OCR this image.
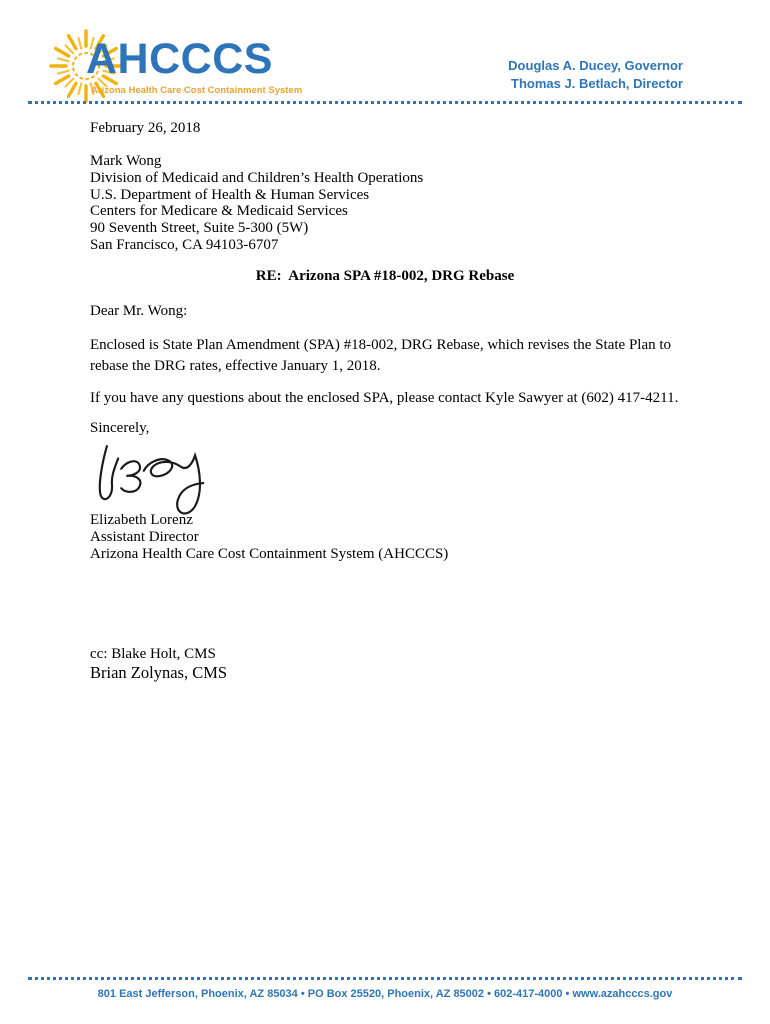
AHCCCS
Arizona Health Care Cost Containment System
Douglas A. Ducey, Governor
Thomas J. Betlach, Director
February 26, 2018
Mark Wong
Division of Medicaid and Children’s Health Operations
U.S. Department of Health & Human Services
Centers for Medicare & Medicaid Services
90 Seventh Street, Suite 5-300 (5W)
San Francisco, CA 94103-6707
RE:  Arizona SPA #18-002, DRG Rebase
Dear Mr. Wong:
Enclosed is State Plan Amendment (SPA) #18-002, DRG Rebase, which revises the State Plan to rebase the DRG rates, effective January 1, 2018.
If you have any questions about the enclosed SPA, please contact Kyle Sawyer at (602) 417-4211.
Sincerely,
Elizabeth Lorenz
Assistant Director
Arizona Health Care Cost Containment System (AHCCCS)
cc: Blake Holt, CMS
Brian Zolynas, CMS
801 East Jefferson, Phoenix, AZ 85034 • PO Box 25520, Phoenix, AZ 85002 • 602-417-4000 • www.azahcccs.gov
